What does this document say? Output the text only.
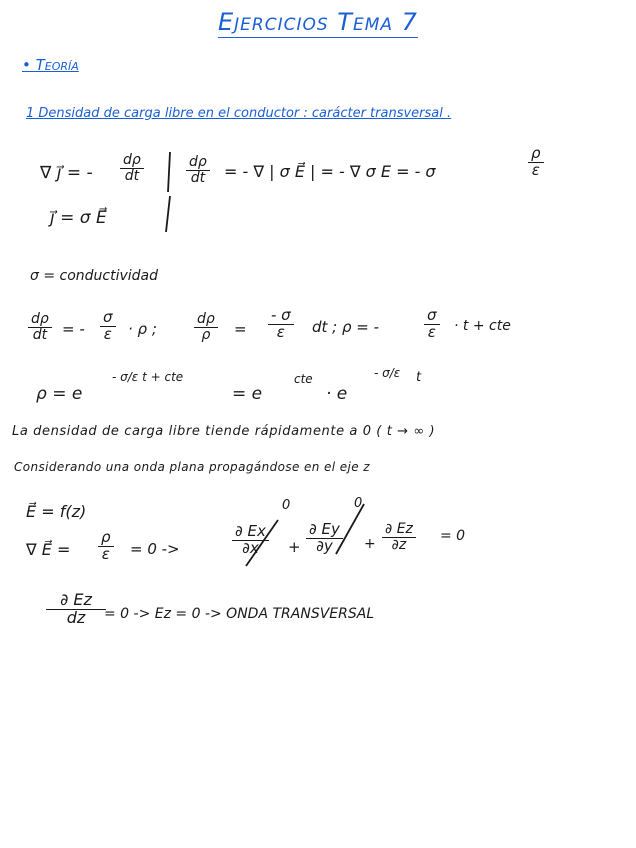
Ejercicios Tema 7
• Teoría
1 Densidad de carga libre en el conductor : carácter transversal .
∇ j⃗ = -
dρ
dt
dρ
dt = - ∇ | σ E⃗ | = - ∇ σ E = - σ
ρ
ε
j⃗ = σ E⃗
σ = conductividad
dρ
dt = -
σ
ε · ρ ;
dρ
ρ =
- σ
ε dt ; ρ = -
σ
ε · t + cte
ρ = e
- σ/ε t + cte
= e
cte
· e
- σ/ε t
La densidad de carga libre tiende rápidamente a 0 ( t → ∞ )
Considerando una onda plana propagándose en el eje z
E⃗ = f(z)
∇ E⃗ =
ρ
ε = 0 ->
0	0
∂ Ex
∂x +
∂ Ey
∂y +
∂ Ez
∂z
= 0
∂ Ez
dz = 0 -> Ez = 0 -> ONDA TRANSVERSAL
